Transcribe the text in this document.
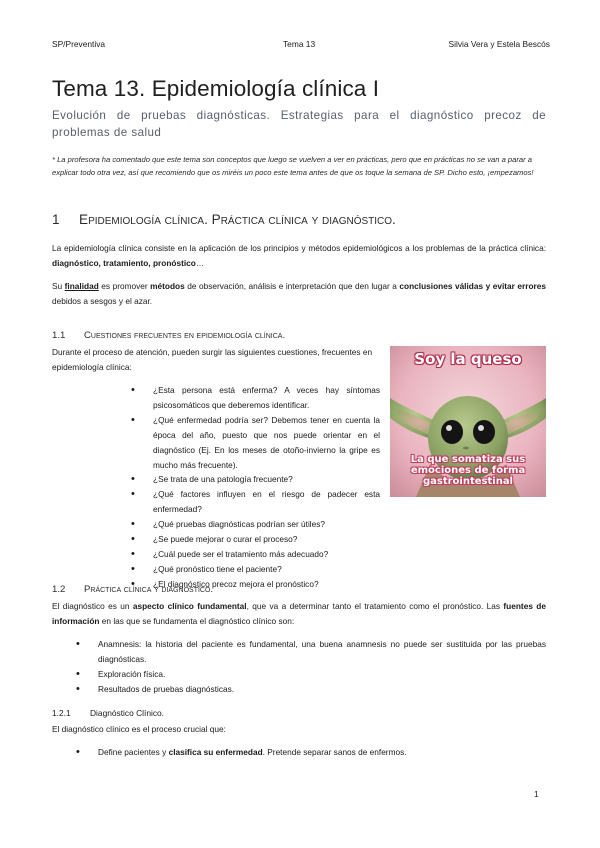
SP/Preventiva	Tema 13	Silvia Vera y Estela Bescós
Tema 13. Epidemiología clínica I
Evolución de pruebas diagnósticas. Estrategias para el diagnóstico precoz de problemas de salud
* La profesora ha comentado que este tema son conceptos que luego se vuelven a ver en prácticas, pero que en prácticas no se van a parar a explicar todo otra vez, así que recomiendo que os miréis un poco este tema antes de que os toque la semana de SP. Dicho esto, ¡empezamos!
1 Epidemiología clínica. Práctica clínica y diagnóstico.
La epidemiología clínica consiste en la aplicación de los principios y métodos epidemiológicos a los problemas de la práctica clínica: diagnóstico, tratamiento, pronóstico…
Su finalidad es promover métodos de observación, análisis e interpretación que den lugar a conclusiones válidas y evitar errores debidos a sesgos y el azar.
1.1 Cuestiones frecuentes en epidemiología clínica.
Durante el proceso de atención, pueden surgir las siguientes cuestiones, frecuentes en epidemiología clínica:
• ¿Esta persona está enferma? A veces hay síntomas psicosomáticos que deberemos identificar.
• ¿Qué enfermedad podría ser? Debemos tener en cuenta la época del año, puesto que nos puede orientar en el diagnóstico (Ej. En los meses de otoño-invierno la gripe es mucho más frecuente).
• ¿Se trata de una patología frecuente?
• ¿Qué factores influyen en el riesgo de padecer esta enfermedad?
• ¿Qué pruebas diagnósticas podrían ser útiles?
• ¿Se puede mejorar o curar el proceso?
• ¿Cuál puede ser el tratamiento más adecuado?
• ¿Qué pronóstico tiene el paciente?
• ¿El diagnóstico precoz mejora el pronóstico?
Soy la queso
La que somatiza sus
emociones de forma
gastrointestinal
1.2 Práctica clínica y diagnóstico.
El diagnóstico es un aspecto clínico fundamental, que va a determinar tanto el tratamiento como el pronóstico. Las fuentes de información en las que se fundamenta el diagnóstico clínico son:
• Anamnesis: la historia del paciente es fundamental, una buena anamnesis no puede ser sustituida por las pruebas diagnósticas.
• Exploración física.
• Resultados de pruebas diagnósticas.
1.2.1 Diagnóstico Clínico.
El diagnóstico clínico es el proceso crucial que:
• Define pacientes y clasifica su enfermedad. Pretende separar sanos de enfermos.
1
